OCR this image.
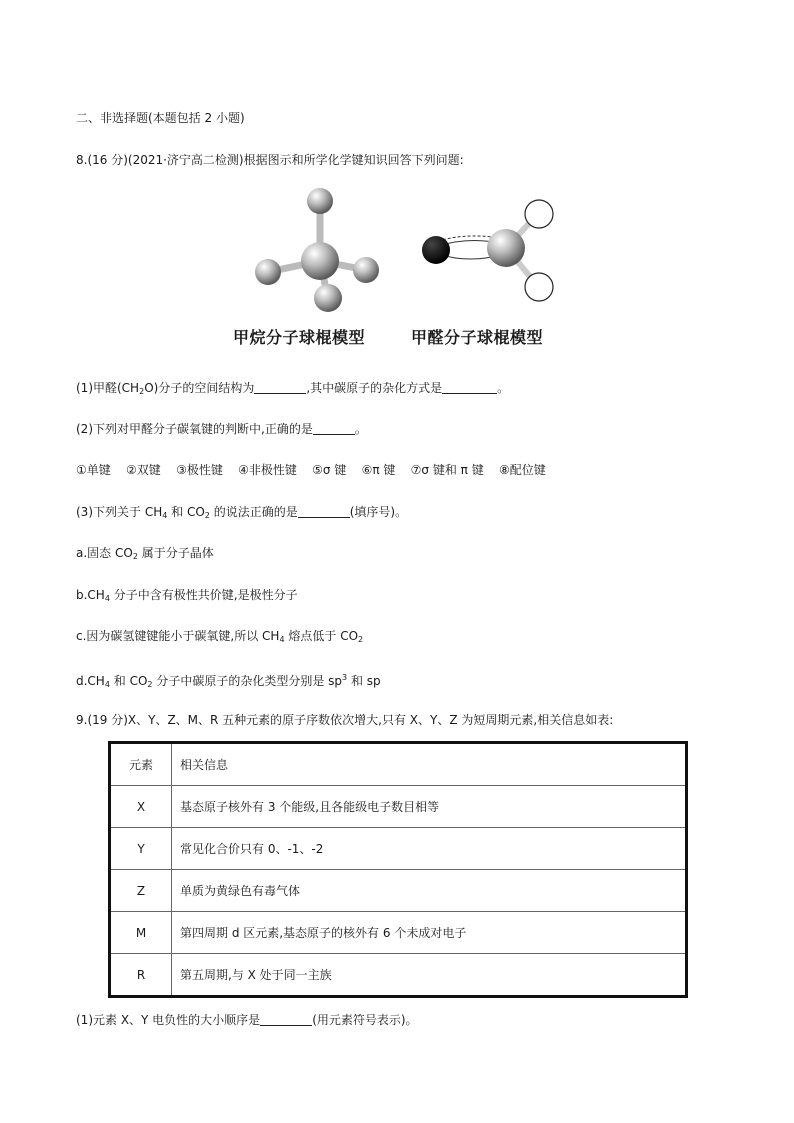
二、非选择题(本题包括 2 小题)
8.(16 分)(2021·济宁高二检测)根据图示和所学化学键知识回答下列问题:
甲烷分子球棍模型	甲醛分子球棍模型
(1)甲醛$(CH_2O)$分子的空间结构为	,其中碳原子的杂化方式是	。
(2)下列对甲醛分子碳氧键的判断中,正确的是	。
①单键 ②双键 ③极性键 ④非极性键 ⑤σ 键 ⑥π 键 ⑦σ 键和 π 键 ⑧配位键
(3)下列关于 $CH_4$ 和 $CO_2$ 的说法正确的是	(填序号)。
a.固态 $CO_2$ 属于分子晶体
$b.CH_4$ 分子中含有极性共价键,是极性分子
c.因为碳氢键键能小于碳氧键,所以 $CH_4$ 熔点低于 $CO_2$
$d.CH_4$ 和 $CO_2$ 分子中碳原子的杂化类型分别是 $sp^3$ 和 sp
9.(19 分)X、Y、Z、M、R 五种元素的原子序数依次增大,只有 X、Y、Z 为短周期元素,相关信息如表:
元素	相关信息
X	基态原子核外有 3 个能级,且各能级电子数目相等
Y	常见化合价只有 0、-1、-2
Z	单质为黄绿色有毒气体
M	第四周期 d 区元素,基态原子的核外有 6 个未成对电子
R	第五周期,与 X 处于同一主族
(1)元素 X、Y 电负性的大小顺序是	(用元素符号表示)。
